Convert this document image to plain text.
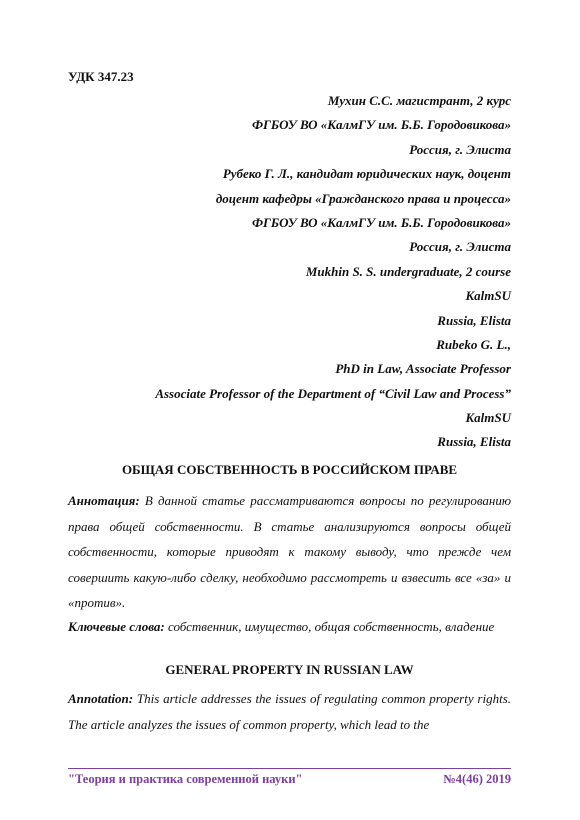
УДК 347.23
Мухин С.С. магистрант, 2 курс
ФГБОУ ВО «КалмГУ им. Б.Б. Городовикова»
Россия, г. Элиста
Рубеко Г. Л., кандидат юридических наук, доцент
доцент кафедры «Гражданского права и процесса»
ФГБОУ ВО «КалмГУ им. Б.Б. Городовикова»
Россия, г. Элиста
Mukhin S. S. undergraduate, 2 course
KalmSU
Russia, Elista
Rubeko G. L.,
PhD in Law, Associate Professor
Associate Professor of the Department of “Civil Law and Process”
KalmSU
Russia, Elista
ОБЩАЯ СОБСТВЕННОСТЬ В РОССИЙСКОМ ПРАВЕ
Аннотация: В данной статье рассматриваются вопросы по регулированию права общей собственности. В статье анализируются вопросы общей собственности, которые приводят к такому выводу, что прежде чем совершить какую-либо сделку, необходимо рассмотреть и взвесить все «за» и «против».
Ключевые слова: собственник, имущество, общая собственность, владение
GENERAL PROPERTY IN RUSSIAN LAW
Annotation: This article addresses the issues of regulating common property rights. The article analyzes the issues of common property, which lead to the
"Теория и практика современной науки"	№4(46) 2019
